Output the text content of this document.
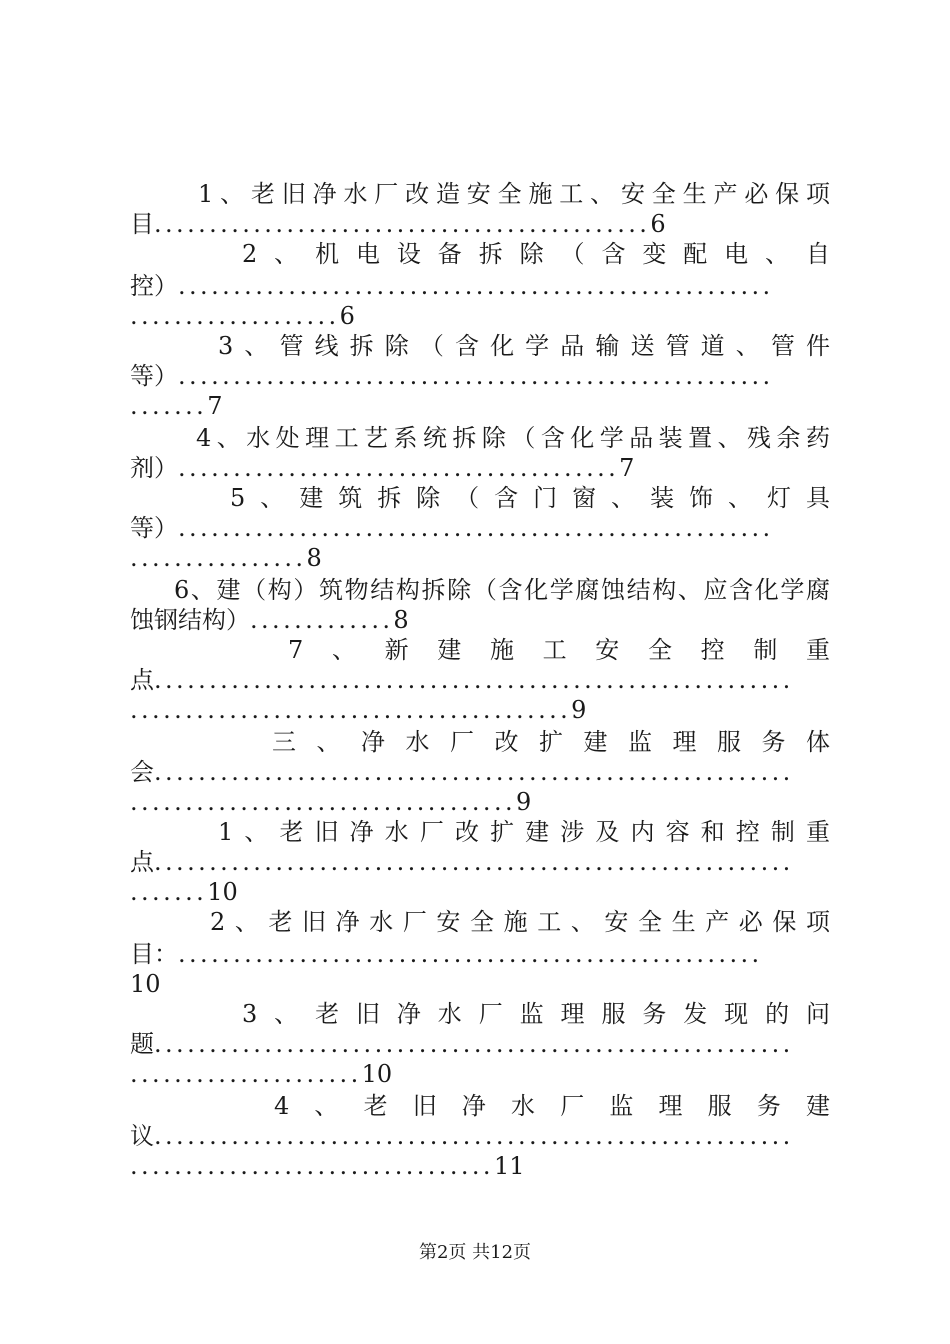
1、老旧净水厂改造安全施工、安全生产必保项
目.............................................6
2、机电设备拆除（含变配电、自
控）......................................................
...................6
3、管线拆除（含化学品输送管道、管件
等）......................................................
.......7
4、水处理工艺系统拆除（含化学品装置、残余药
剂）........................................7
5、建筑拆除（含门窗、装饰、灯具
等）......................................................
................8
6、建（构）筑物结构拆除（含化学腐蚀结构、应含化学腐
蚀钢结构）.............8
7、新建施工安全控制重
点..........................................................
........................................9
三、净水厂改扩建监理服务体
会..........................................................
...................................9
1、老旧净水厂改扩建涉及内容和控制重
点..........................................................
.......10
2、老旧净水厂安全施工、安全生产必保项
目：.....................................................
10
3、老旧净水厂监理服务发现的问
题..........................................................
.....................10
4、老旧净水厂监理服务建
议..........................................................
.................................11
第2页 共12页
